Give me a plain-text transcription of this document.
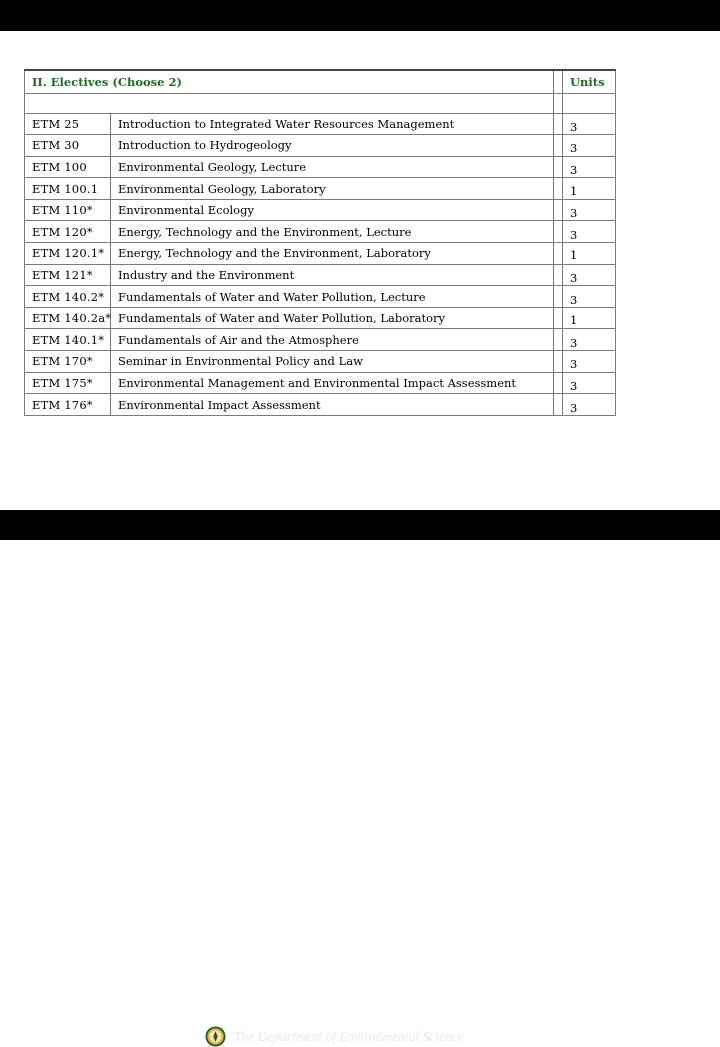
II. Electives (Choose 2)			Units

ETM 25	Introduction to Integrated Water Resources Management		3
ETM 30	Introduction to Hydrogeology		3
ETM 100	Environmental Geology, Lecture		3
ETM 100.1	Environmental Geology, Laboratory		1
ETM 110*	Environmental Ecology		3
ETM 120*	Energy, Technology and the Environment, Lecture		3
ETM 120.1*	Energy, Technology and the Environment, Laboratory		1
ETM 121*	Industry and the Environment		3
ETM 140.2*	Fundamentals of Water and Water Pollution, Lecture		3
ETM 140.2a*	Fundamentals of Water and Water Pollution, Laboratory		1
ETM 140.1*	Fundamentals of Air and the Atmosphere		3
ETM 170*	Seminar in Environmental Policy and Law		3
ETM 175*	Environmental Management and Environmental Impact Assessment		3
ETM 176*	Environmental Impact Assessment		3
The Department of Environmental Science
